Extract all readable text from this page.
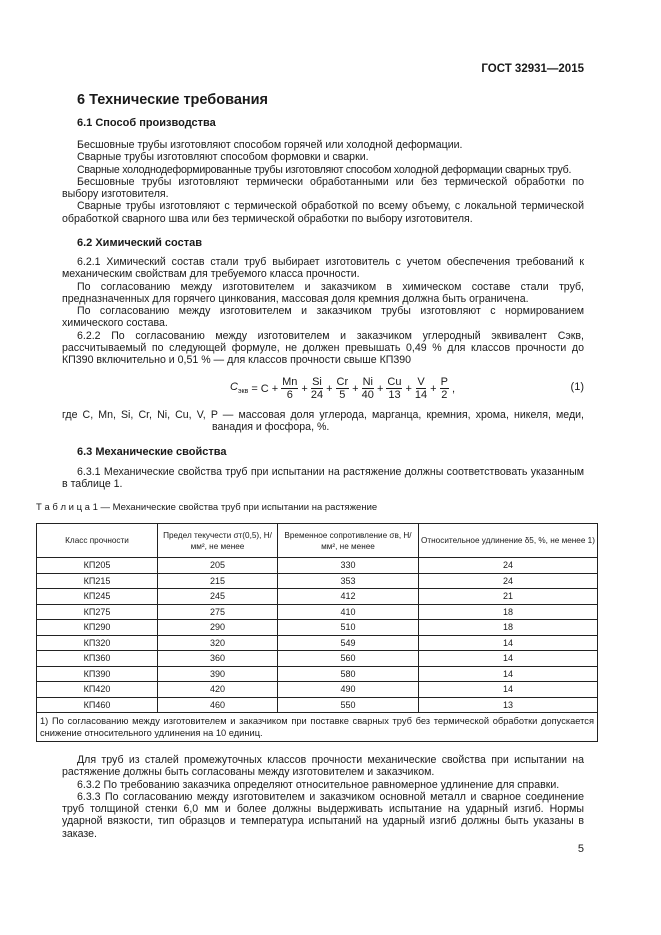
ГОСТ 32931—2015
6 Технические требования
6.1 Способ производства

Бесшовные трубы изготовляют способом горячей или холодной деформации.

Сварные трубы изготовляют способом формовки и сварки.

Сварные холоднодеформированные трубы изготовляют способом холодной деформации сварных труб.

Бесшовные трубы изготовляют термически обработанными или без термической обработки по выбору изготовителя.

Сварные трубы изготовляют с термической обработкой по всему объему, с локальной термической обработкой сварного шва или без термической обработки по выбору изготовителя.

6.2 Химический состав

6.2.1 Химический состав стали труб выбирает изготовитель с учетом обеспечения требований к механическим свойствам для требуемого класса прочности.

По согласованию между изготовителем и заказчиком в химическом составе стали труб, предназначенных для горячего цинкования, массовая доля кремния должна быть ограничена.

По согласованию между изготовителем и заказчиком трубы изготовляют с нормированием химического состава.

6.2.2 По согласованию между изготовителем и заказчиком углеродный эквивалент Cэкв, рассчитываемый по следующей формуле, не должен превышать 0,49 % для классов прочности до КП390 включительно и 0,51 % — для классов прочности свыше КП390

$C_{экв} = C + \frac{Mn}{6} + \frac{Si}{24} + \frac{Cr}{5} + \frac{Ni}{40} + \frac{Cu}{13} + \frac{V}{14} + \frac{P}{2}$ ,	(1)
где C, Mn, Si, Cr, Ni, Cu, V, P — массовая доля углерода, марганца, кремния, хрома, никеля, меди, ванадия и фосфора, %.
6.3 Механические свойства

6.3.1 Механические свойства труб при испытании на растяжение должны соответствовать указанным в таблице 1.

Т а б л и ц а 1 — Механические свойства труб при испытании на растяжение
Класс прочности	Предел текучести σт(0,5), Н/мм², не менее	Временное сопротивление σв, Н/мм², не менее	Относительное удлинение δ5, %, не менее 1)
КП205	205	330	24
КП215	215	353	24
КП245	245	412	21
КП275	275	410	18
КП290	290	510	18
КП320	320	549	14
КП360	360	560	14
КП390	390	580	14
КП420	420	490	14
КП460	460	550	13
1) По согласованию между изготовителем и заказчиком при поставке сварных труб без термической обработки допускается снижение относительного удлинения на 10 единиц.			

Для труб из сталей промежуточных классов прочности механические свойства при испытании на растяжение должны быть согласованы между изготовителем и заказчиком.

6.3.2 По требованию заказчика определяют относительное равномерное удлинение для справки.

6.3.3 По согласованию между изготовителем и заказчиком основной металл и сварное соединение труб толщиной стенки 6,0 мм и более должны выдерживать испытание на ударный изгиб. Нормы ударной вязкости, тип образцов и температура испытаний на ударный изгиб должны быть указаны в заказе.

5
